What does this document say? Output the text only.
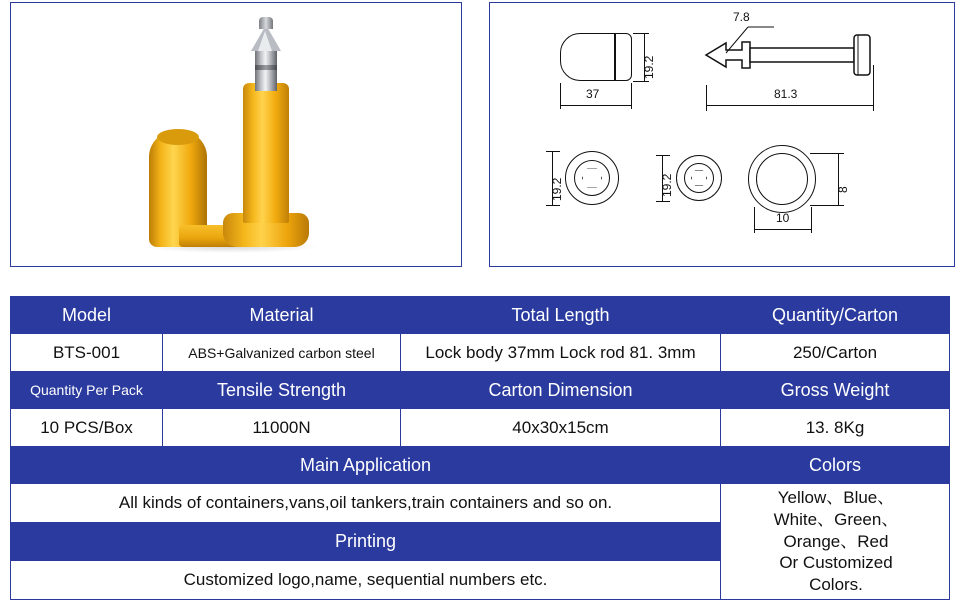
19.2
37
7.8
81.3
19.2	19.2	8
10
Model	Material	Total Length	Quantity/Carton
BTS-001	ABS+Galvanized carbon steel	Lock body 37mm Lock rod 81. 3mm	250/Carton
Quantity Per Pack	Tensile Strength	Carton Dimension	Gross Weight
10 PCS/Box	11000N	40x30x15cm	13. 8Kg
Main Application			Colors
All kinds of containers,vans,oil tankers,train containers and so on.			Yellow、Blue、
White、Green、
Orange、Red
Or Customized
Colors.

Printing			
Customized logo,name, sequential numbers etc.			
